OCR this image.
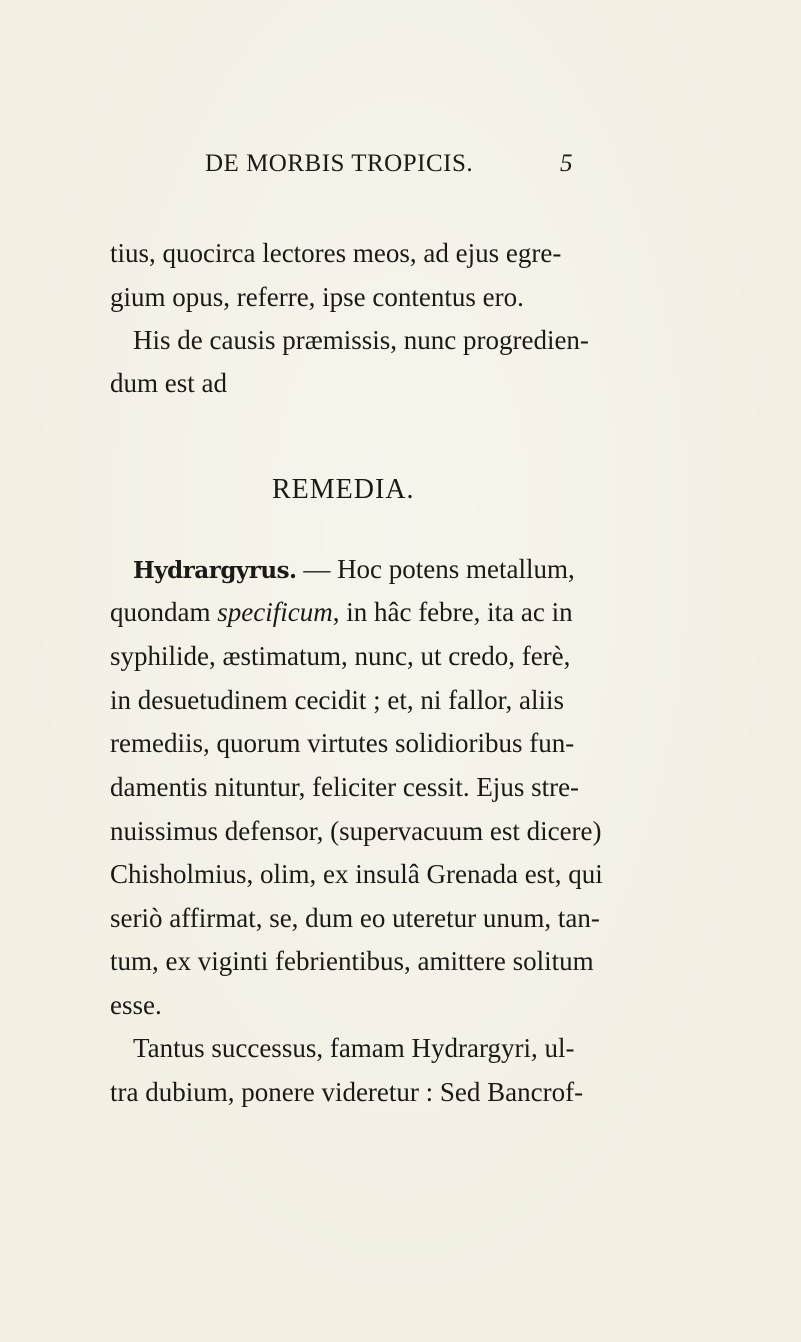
DE MORBIS TROPICIS.	5
tius, quocirca lectores meos, ad ejus egre-
gium opus, referre, ipse contentus ero.
His de causis præmissis, nunc progredien-
dum est ad
REMEDIA.
Hydrargyrus. — Hoc potens metallum,
quondam specificum, in hâc febre, ita ac in
syphilide, æstimatum, nunc, ut credo, ferè,
in desuetudinem cecidit ; et, ni fallor, aliis
remediis, quorum virtutes solidioribus fun-
damentis nituntur, feliciter cessit. Ejus stre-
nuissimus defensor, (supervacuum est dicere)
Chisholmius, olim, ex insulâ Grenada est, qui
seriò affirmat, se, dum eo uteretur unum, tan-
tum, ex viginti febrientibus, amittere solitum
esse.
Tantus successus, famam Hydrargyri, ul-
tra dubium, ponere videretur : Sed Bancrof-
